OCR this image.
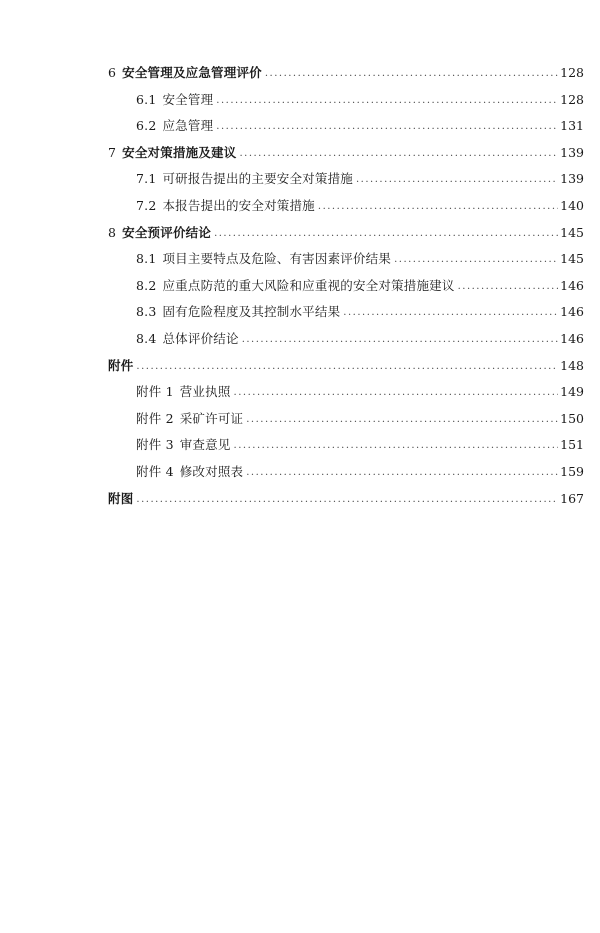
6 安全管理及应急管理评价 .....	128
6.1 安全管理 .....	128
6.2 应急管理 .....	131
7 安全对策措施及建议 .....	139
7.1 可研报告提出的主要安全对策措施 .....	139
7.2 本报告提出的安全对策措施 .....	140
8 安全预评价结论 .....	145
8.1 项目主要特点及危险、有害因素评价结果 .....	145
8.2 应重点防范的重大风险和应重视的安全对策措施建议 .....	146
8.3 固有危险程度及其控制水平结果 .....	146
8.4 总体评价结论 .....	146
附件 .....	148
附件 1 营业执照 .....	149
附件 2 采矿许可证 .....	150
附件 3 审查意见 .....	151
附件 4 修改对照表 .....	159
附图 .....	167
